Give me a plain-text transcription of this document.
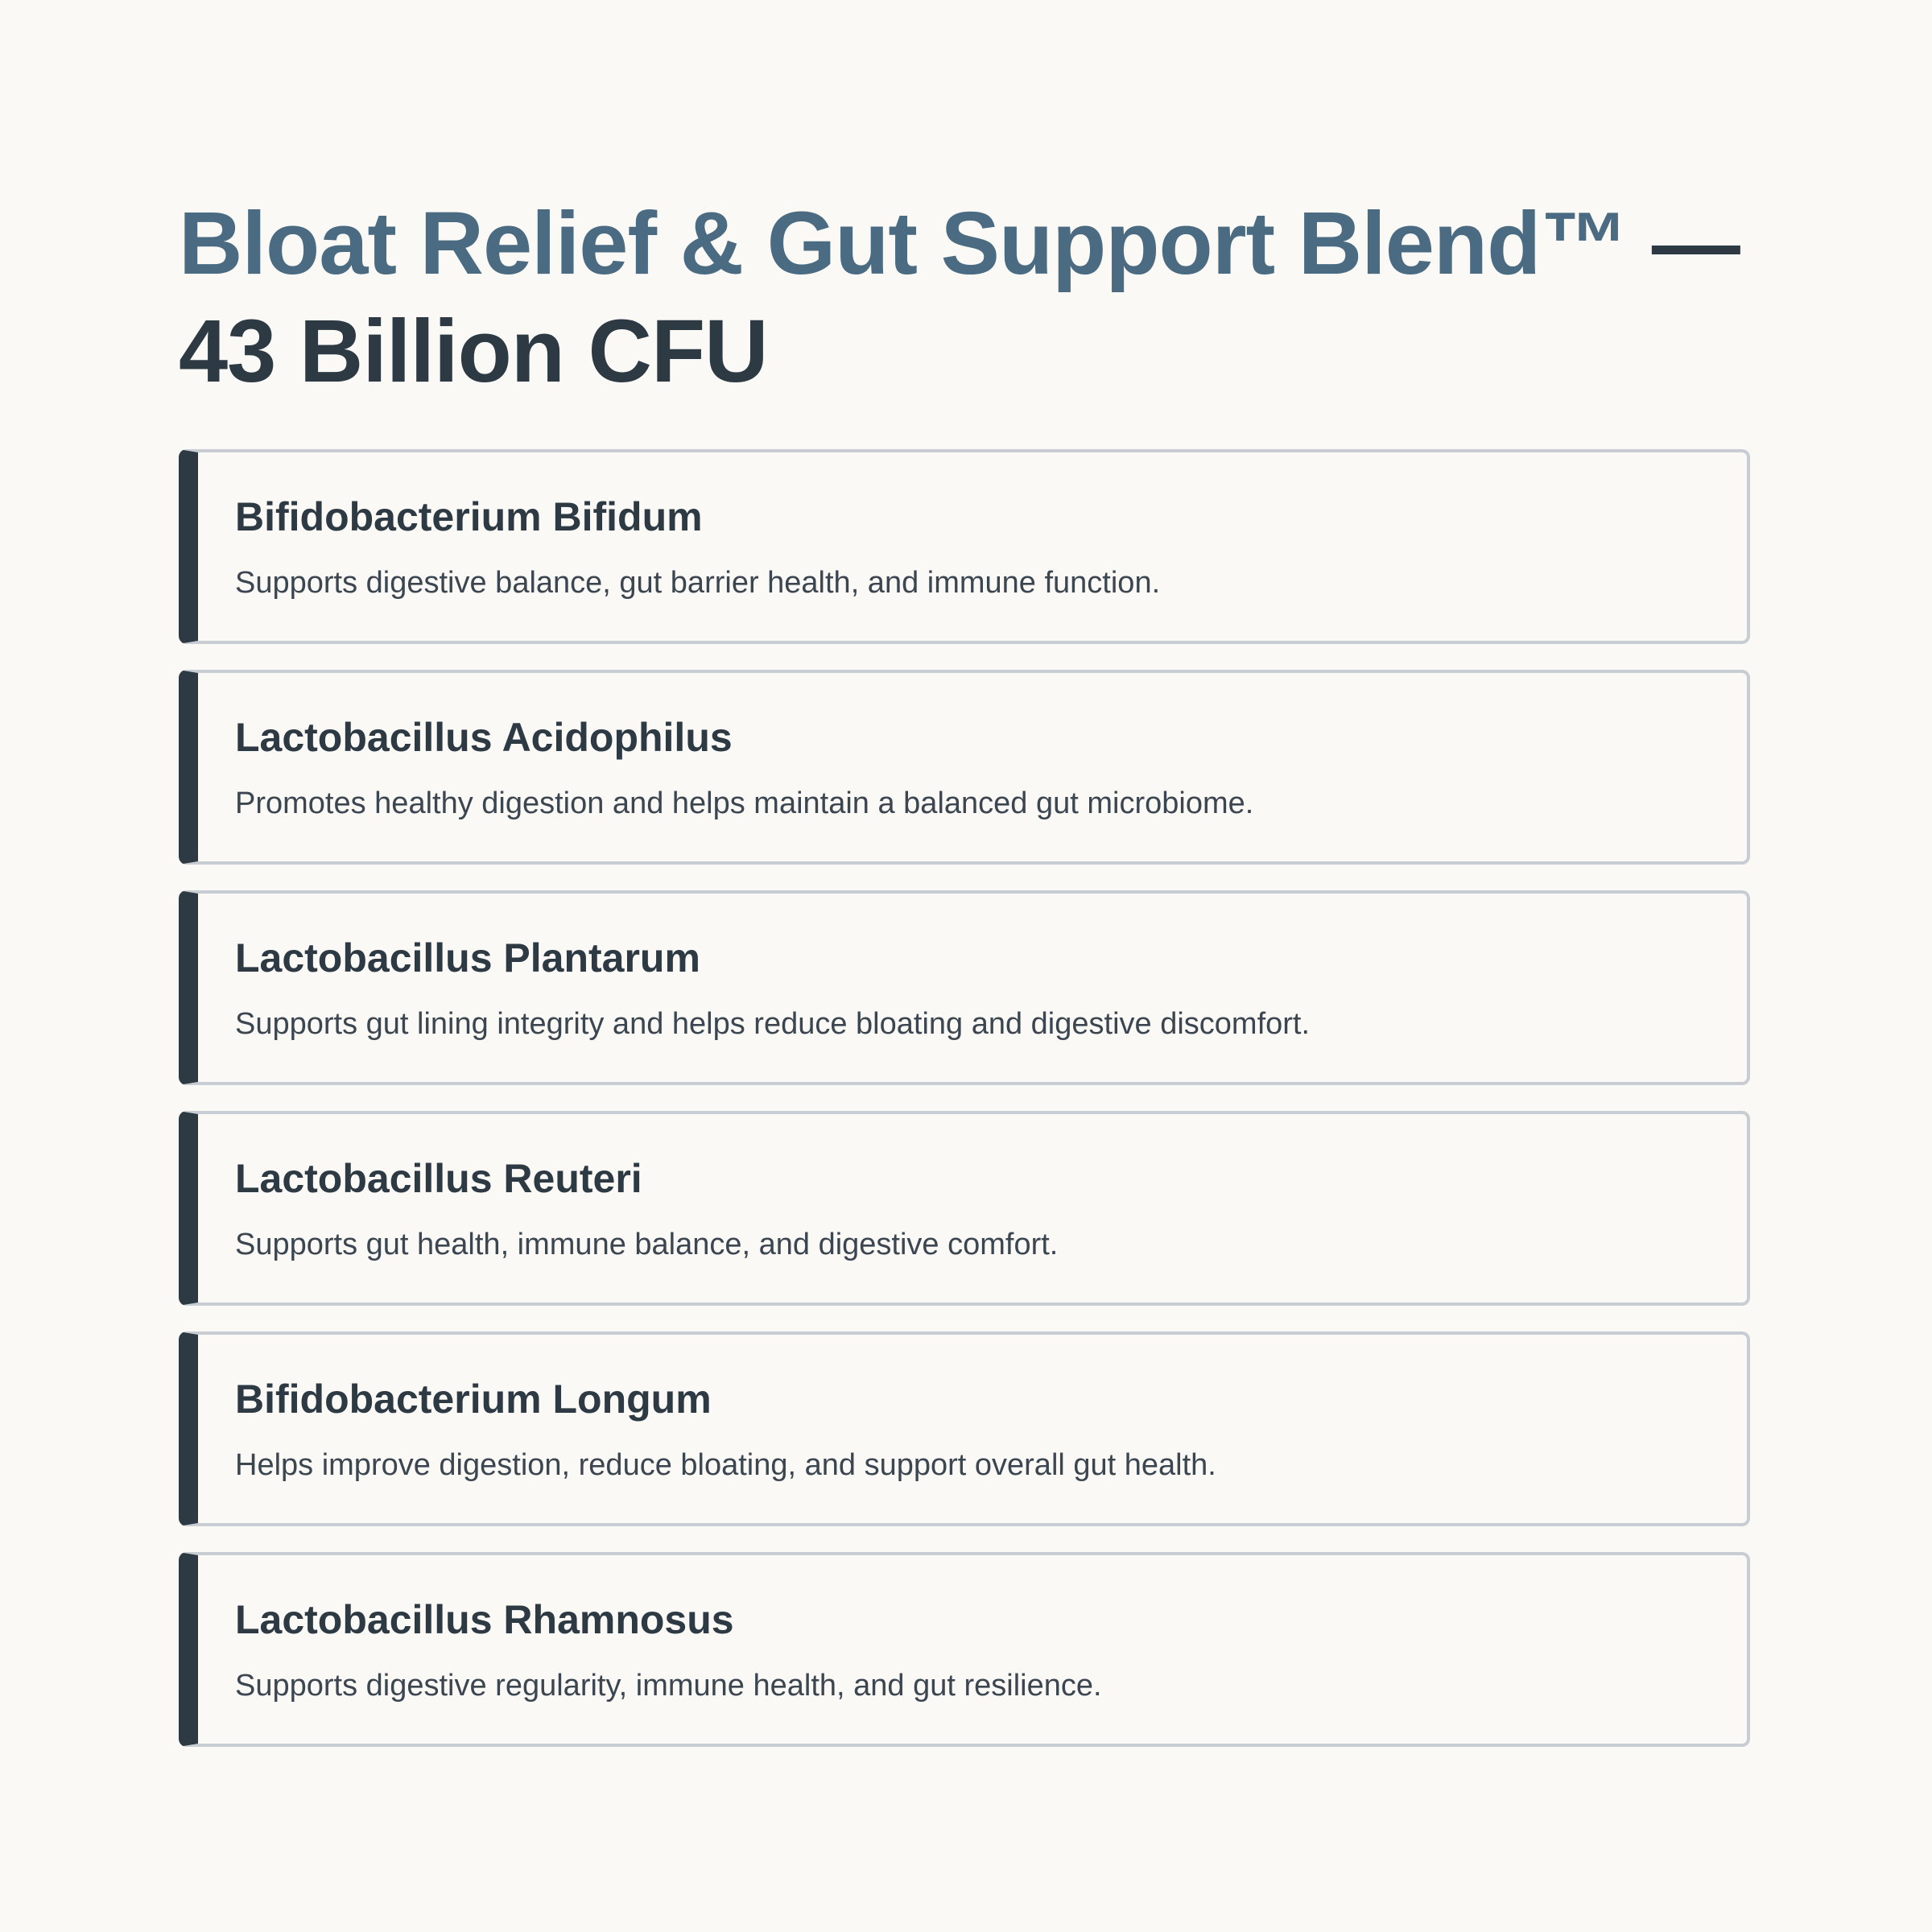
Bloat Relief & Gut Support Blend™ — 43 Billion CFU
Bifidobacterium Bifidum
Supports digestive balance, gut barrier health, and immune function.
Lactobacillus Acidophilus
Promotes healthy digestion and helps maintain a balanced gut microbiome.
Lactobacillus Plantarum
Supports gut lining integrity and helps reduce bloating and digestive discomfort.
Lactobacillus Reuteri
Supports gut health, immune balance, and digestive comfort.
Bifidobacterium Longum
Helps improve digestion, reduce bloating, and support overall gut health.
Lactobacillus Rhamnosus
Supports digestive regularity, immune health, and gut resilience.
